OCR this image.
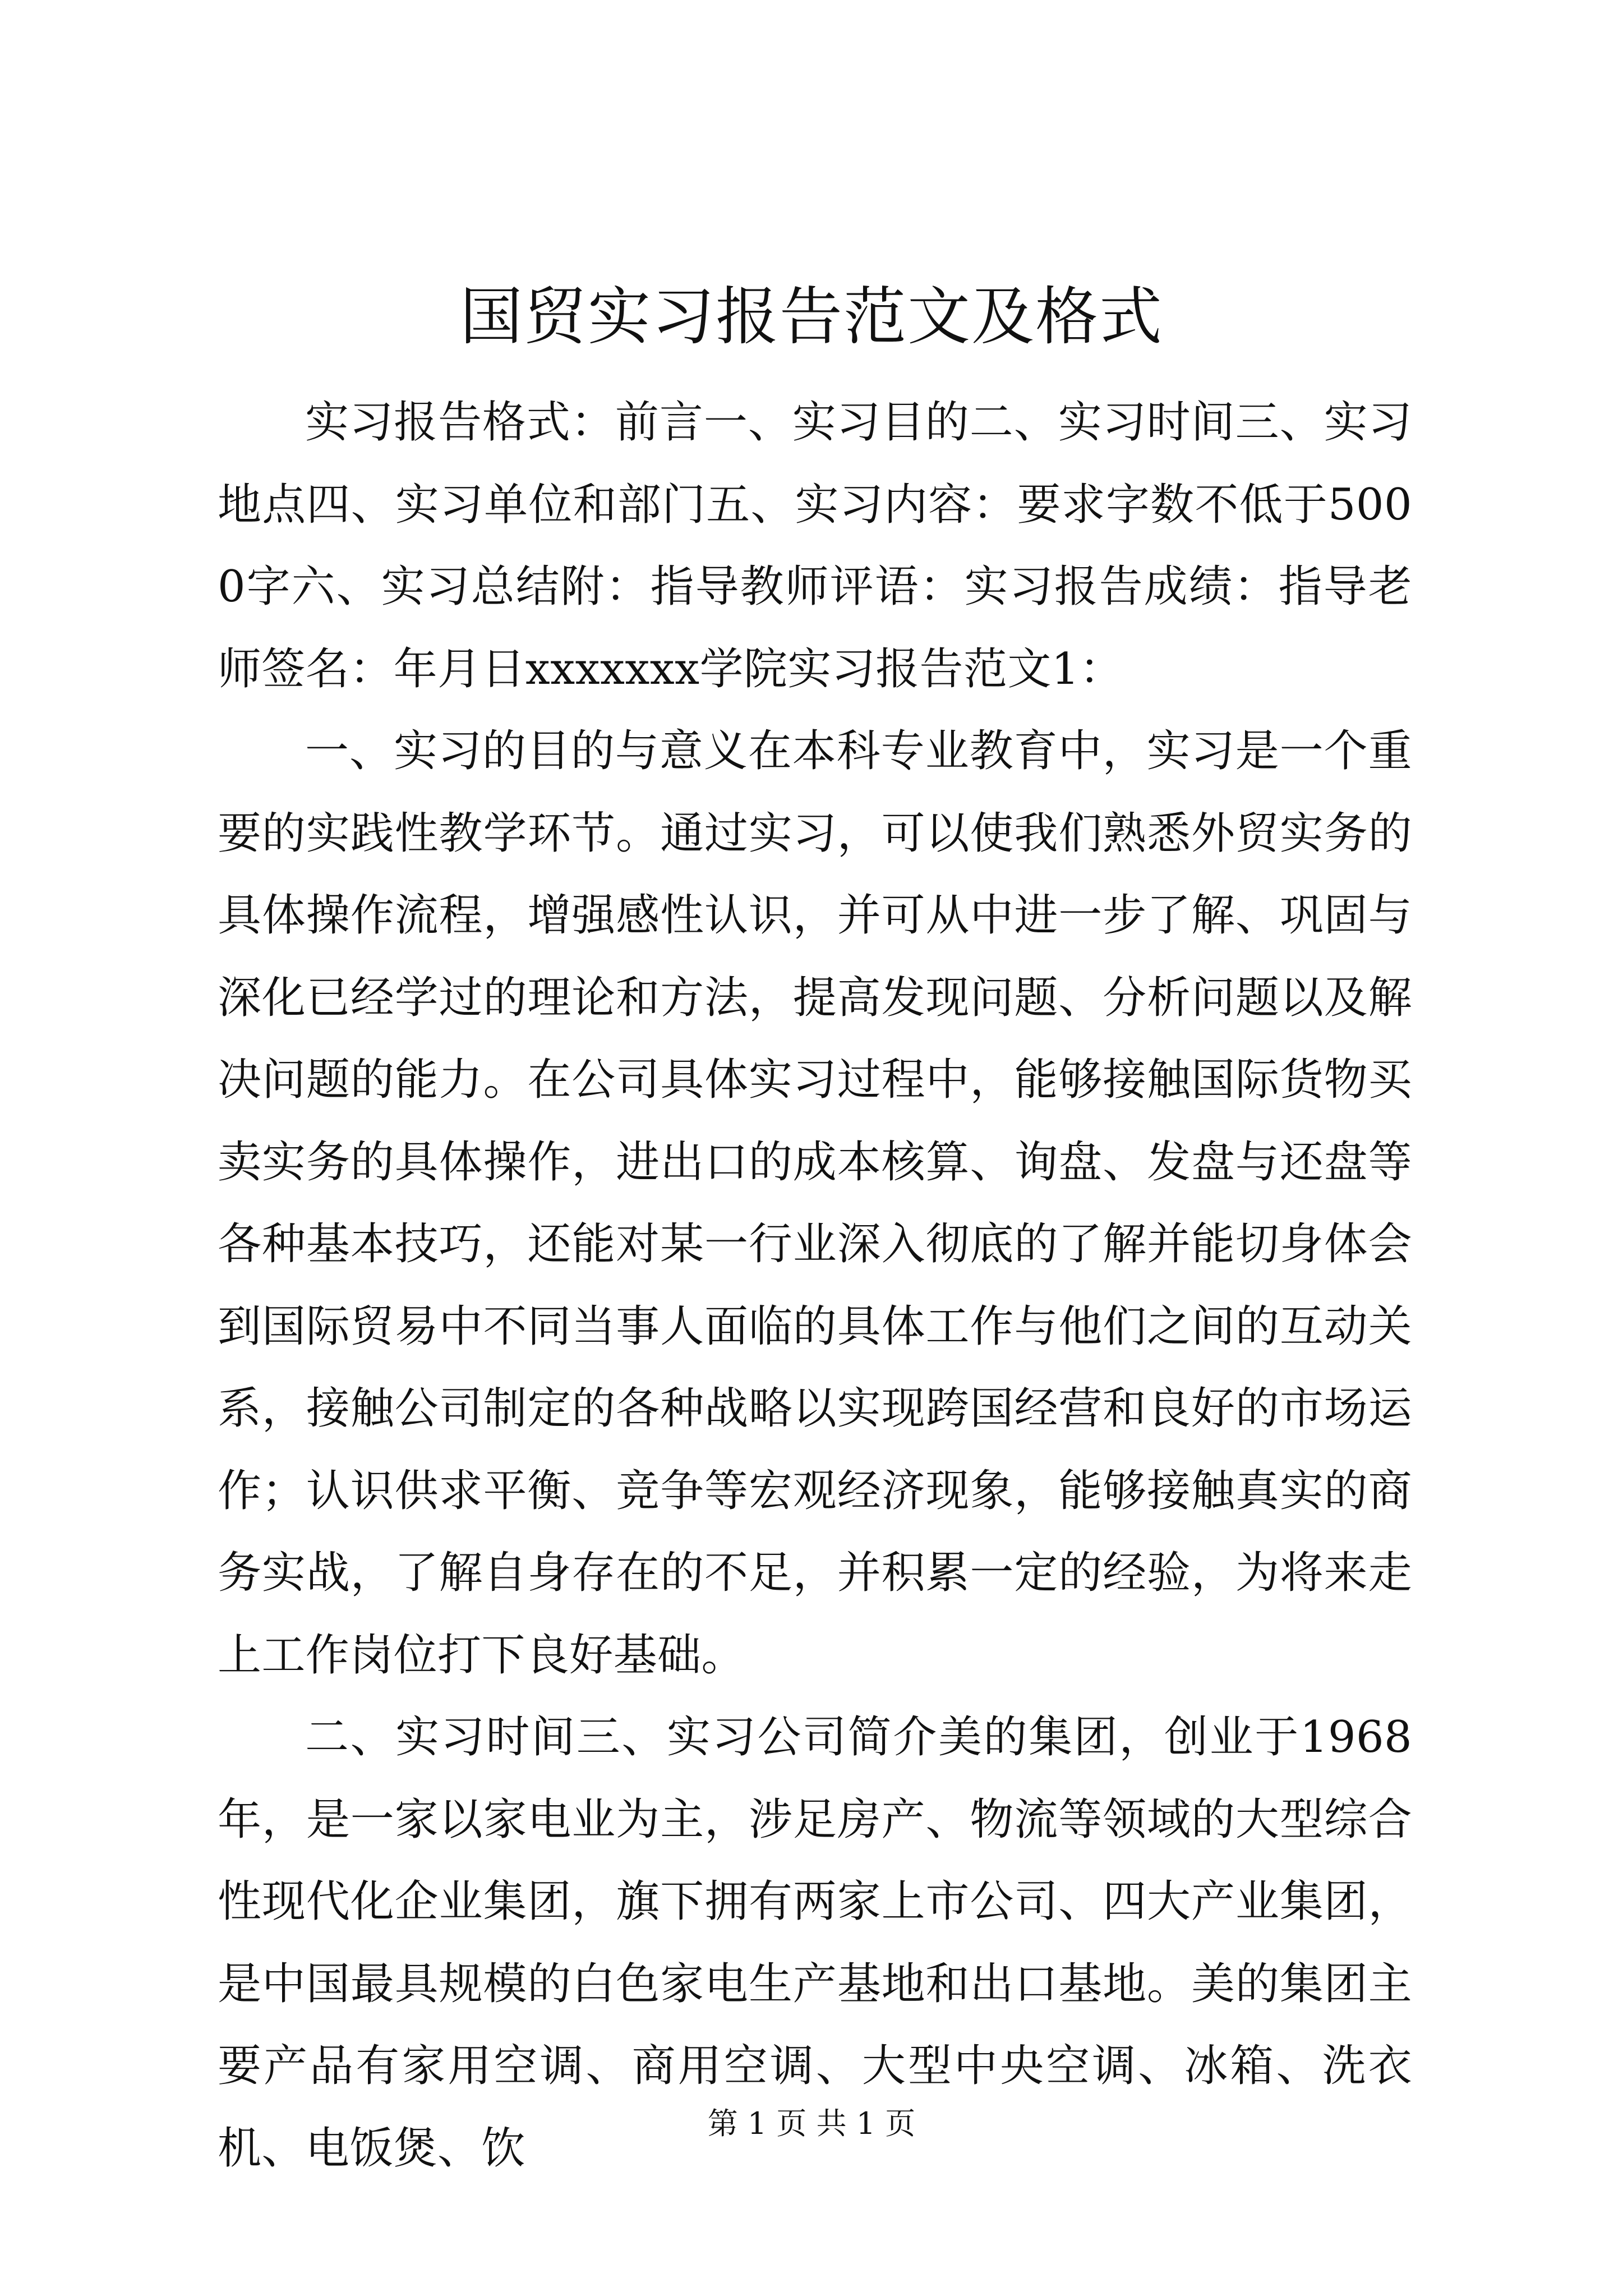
国贸实习报告范文及格式

实习报告格式：前言一、实习目的二、实习时间三、实习地点四、实习单位和部门五、实习内容：要求字数不低于5000字六、实习总结附：指导教师评语：实习报告成绩：指导老师签名：年月日xxxxxxx学院实习报告范文1：

一、实习的目的与意义在本科专业教育中，实习是一个重要的实践性教学环节。通过实习，可以使我们熟悉外贸实务的具体操作流程，增强感性认识，并可从中进一步了解、巩固与深化已经学过的理论和方法，提高发现问题、分析问题以及解决问题的能力。在公司具体实习过程中，能够接触国际货物买卖实务的具体操作，进出口的成本核算、询盘、发盘与还盘等各种基本技巧，还能对某一行业深入彻底的了解并能切身体会到国际贸易中不同当事人面临的具体工作与他们之间的互动关系，接触公司制定的各种战略以实现跨国经营和良好的市场运作；认识供求平衡、竞争等宏观经济现象，能够接触真实的商务实战，了解自身存在的不足，并积累一定的经验，为将来走上工作岗位打下良好基础。

二、实习时间三、实习公司简介美的集团，创业于1968年，是一家以家电业为主，涉足房产、物流等领域的大型综合性现代化企业集团，旗下拥有两家上市公司、四大产业集团，是中国最具规模的白色家电生产基地和出口基地。美的集团主要产品有家用空调、商用空调、大型中央空调、冰箱、洗衣机、电饭煲、饮	第 1 页 共 1 页
